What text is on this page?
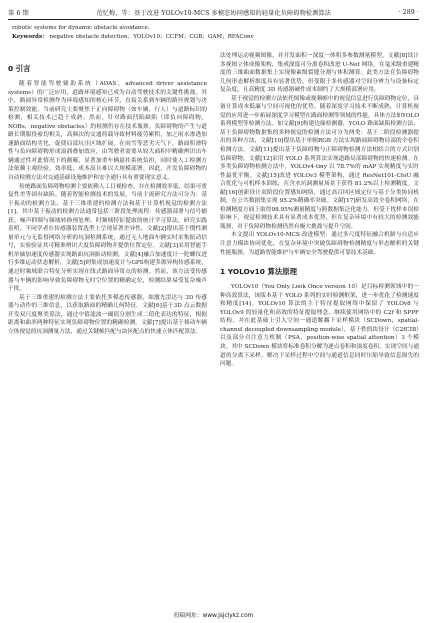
第 6 期	范忆梅，等：基于改进 YOLOv10-MCS 多模态协同感知的轻量化负障碍物检测算法	· 289 ·
robotic systems for dynamic obstacle avoidance.
Keywords： negative obstacle detection；YOLOv10；CCFM；CGB；GAM；RFAConv
0 引言

随着智能驾驶辅助系统（ADAS，advanced driver assistance systems）的广泛应用，道路环境感知已成为自动驾驶技术的关键性挑战。其中，路面异常检测作为环境感知的核心环节，直接关系到车辆的路径规划与决策控制效能。当前研究主要聚焦于正向障碍物（如车辆、行人）与道路标识的检测，相关技术已趋于成熟。然而，针对路面凹陷缺陷（即负向障碍物，NOBs，negative obstacles）的检测仍存在技术瓶颈。负障碍物的产生与道路长期服役密切相关，高频次的交通荷载导致材料疲劳累积，加之雨水渗透加速路面结构劣化，促使局部坑洼区域扩展。在雨雪等恶劣天气下，路面积滑特性与负向障碍物形成湿润叠加效应，由驾驶者需要从较大面积中精确辨识出车辆通过性对此情况下的颠簸，显著加重车辆悬挂系统负担，同时使人工检测方法依赖主观经验，效率低，成本高且难以大规模部署。因此，开发负障碍物的自动检测方法对交通基础设施维护和安全通行具有重要现实意义。

传统路面负障碍物检测主要依赖人工目视检查，存在检测效率低、结果可重复性差等固有缺陷。随着智能检测技术的发展，当前主流研究方法可分为：基于振动的检测方法、基于三维重建的检测方法和基于计算机视觉的检测方法[1]。其中基于振动的检测方法通常包括三阶段处理流程：传感器部署与信号捕获、噪声抑制与频域转换预处理、时频域特征提取的统计学习算法。研究实践表明，不同学者在传感器装置选型上呈现显著差异性。文献[2]提出基于惯性测量单元与无监督网络分析的坑洞检测系统，通过无人地面车辆实时采集振动信号，实验验证其可精准辨识大度负障碍物并提供位置定位。文献[3]采用智能手机单轴加速度传感器实现路面坑洞振动检测，文献[4]融合加速度计一陀螺仪进行多维运动状态解析，文献[5]则集成加速度计与GPS构建多源异构传感系统，通过时频域联合特征分析实现在线式路面异常点的检测。然而，该方法受传感器与车辆的影响导致负障碍物无时空位置的精确定位，检测结果易受复杂噪声干扰。

基于三维重建的检测方法主要依托多模态传感器，如激光雷达与 3D 传感器与动作的三维信息，以获取路面的精确几何特征。文献[6]基于3D 点云数据开发双尺度聚类算法，通过中值滤波一阈值分割生成二值化表达的特征，根据距离和曲率两种特征实现负障碍物位置的精确检测。文献[7]提出基于移动车辆立体视觉的坑洞测量方法，通过关键帧匹配与块区配点的快速立体匹配算法。

法处理运动视频图像，并开发面积一深度一体积多参数测量模型，文献[8]设计多视图立体成像架构，集成深度可分离卷积改进 U-Net 网络，在毫米级重建精度的三维曲面数据集上实现像素级裂缝分割与体积测算。此类方法在负障碍物几何形态解析维度具有显著优势，但受限于多传感器对空间分辨力与设备标定复杂度，且高精度 3D 传感器硬件成本制约了大规模部署应用。

基于视觉的检测方法依托图像或视频帧中的视觉信息进行负障碍物定位，具备计算成本低廉与空间可视化的优势。随着深度学习技术不断成熟，计算机视觉的应用进一步拓展深度学习模型在路面检测等领域的性能，具体方法如YOLO 系列模型等检测方法。如文献[9]构建边缘检测器，YOLO 路面缺陷检测方法，基于负障碍物数据集的多种视觉的检测方法可分为两类：基于二阶段检测器提出的各种方法，文献[10]提出基于单帧RGB 方法实现路面障碍物局部的全卷积检测方法。文献[11]提出基于负障碍物与正障碍物检测方法相结合的方式识别负障碍物。文献[12]采用 YOLO 系列算法实现道路局部障碍物的快速检测。在多类负障碍物检测方法中，YOLOv4-tiny 以 78.7%的 mAP 实现精度与实时性最优平衡。文献[15]改进 YOLOv3 模型架构，通过 ResNet101-CIoU 融合优化与可机样本训练，在含水坑洞测量场景下获得 81.2%以上检测精度。文献[16]创新设计双阶段位置感知网络，通过高召回区域定位与基于分类协同机制，在公共数据集实现 95.2%精确率突破。文献[17]研发高效全卷积网络，在检测精度方面上取得98.95%测量精度与跨数据集泛化能力。但受干扰样本误检影响下，视觉检测技术具有显著成本优势，但在复杂环境中有较大的检测效能瓶颈，对于负障碍物检测仍然有极大挑战与提升空间。

本文提出 YOLOv10-MCS 改进模型：通过多尺度特征融合机制与自适应注意力模块协同优化，在复杂环境中突破负障碍物检测精度与形态解析的关键性能瓶颈，为道路智能维护与车辆安全驾驶提供可靠技术基础。

1 YOLOv10 算法原理

YOLOv10（You Only Look Once version 10）是目标检测领域中的一种高效算法，该版本基于 YOLO 系列的实时检测框架，进一步优化了检测速度和精度[14]。YOLOv10 算法的主干特征提取网络中保留了 YOLOv8 与 YOLOv9 的轻量化和高效的特征提取理念，继续使用网络中的 C2f 和 SPPF 结构，并在此基础上引入空间一通道解耦下采样模块（SCDown，spatial-channel decoupled downsampling module），基于秩的块设计（C2fCIB）以及部分自注意力机制（PSA，position-wise spatial attention）3 个模块。其中 SCDown 模块将标准卷积分解为逐点卷积和深度卷积，实现空间与通道的分离下采样，解决下采样过程中空间与通道信息同时压缩导致信息损失的问题。

投稿网址：www.jsjclykz.com
